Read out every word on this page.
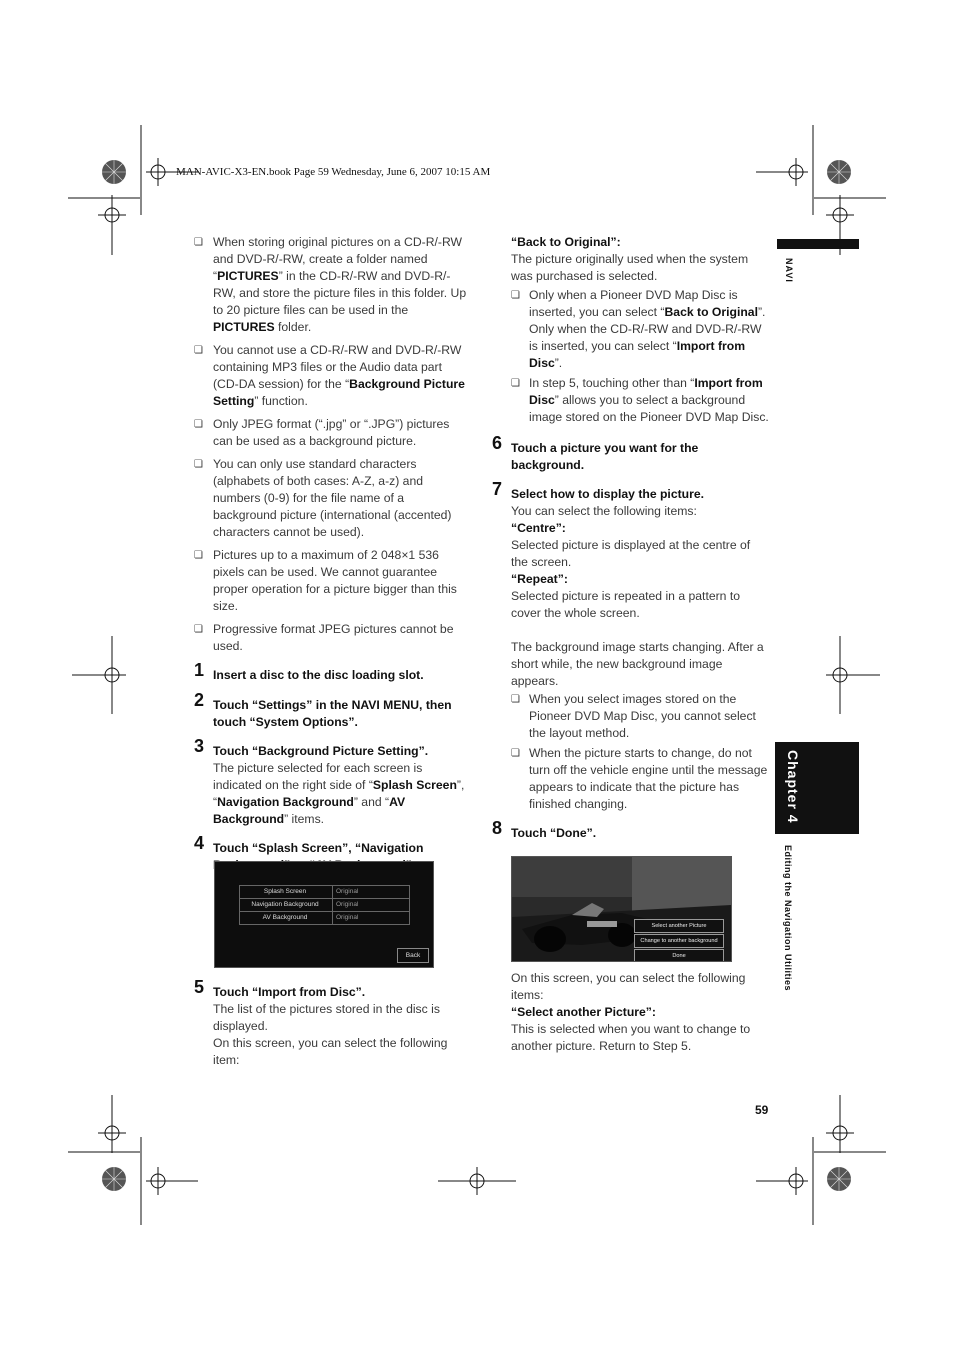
MAN-AVIC-X3-EN.book Page 59 Wednesday, June 6, 2007 10:15 AM
NAVI
Chapter 4
Editing the Navigation Utilities
❏ When storing original pictures on a CD-R/-RW and DVD-R/-RW, create a folder named “PICTURES” in the CD-R/-RW and DVD-R/-RW, and store the picture files in this folder. Up to 20 picture files can be used in the PICTURES folder.
❏ You cannot use a CD-R/-RW and DVD-R/-RW containing MP3 files or the Audio data part (CD-DA session) for the “Background Picture Setting” function.
❏ Only JPEG format (“.jpg” or “.JPG”) pictures can be used as a background picture.
❏ You can only use standard characters (alphabets of both cases: A-Z, a-z) and numbers (0-9) for the file name of a background picture (international (accented) characters cannot be used).
❏ Pictures up to a maximum of 2 048×1 536 pixels can be used. We cannot guarantee proper operation for a picture bigger than this size.
❏ Progressive format JPEG pictures cannot be used.
1 Insert a disc to the disc loading slot.
2 Touch “Settings” in the NAVI MENU, then touch “System Options”.
3 Touch “Background Picture Setting”.
The picture selected for each screen is indicated on the right side of “Splash Screen”, “Navigation Background” and “AV Background” items.
4 Touch “Splash Screen”, “Navigation
Splash Screen	Original
Navigation Background	Original
AV Background	Original
Back
5 Touch “Import from Disc”.
The list of the pictures stored in the disc is displayed.
On this screen, you can select the following item:
“Back to Original”:
The picture originally used when the system was purchased is selected.
❏ Only when a Pioneer DVD Map Disc is inserted, you can select “Back to Original”. Only when the CD-R/-RW and DVD-R/-RW is inserted, you can select “Import from Disc”.
❏ In step 5, touching other than “Import from Disc” allows you to select a background image stored on the Pioneer DVD Map Disc.
6 Touch a picture you want for the background.
7 Select how to display the picture.
You can select the following items:
“Centre”:
Selected picture is displayed at the centre of the screen.
“Repeat”:
Selected picture is repeated in a pattern to cover the whole screen.
The background image starts changing. After a short while, the new background image appears.
❏ When you select images stored on the Pioneer DVD Map Disc, you cannot select the layout method.
❏ When the picture starts to change, do not turn off the vehicle engine until the message appears to indicate that the picture has finished changing.
8 Touch “Done”.
Select another Picture
Change to another background
Done
On this screen, you can select the following items:
“Select another Picture”:
This is selected when you want to change to another picture. Return to Step 5.
59
